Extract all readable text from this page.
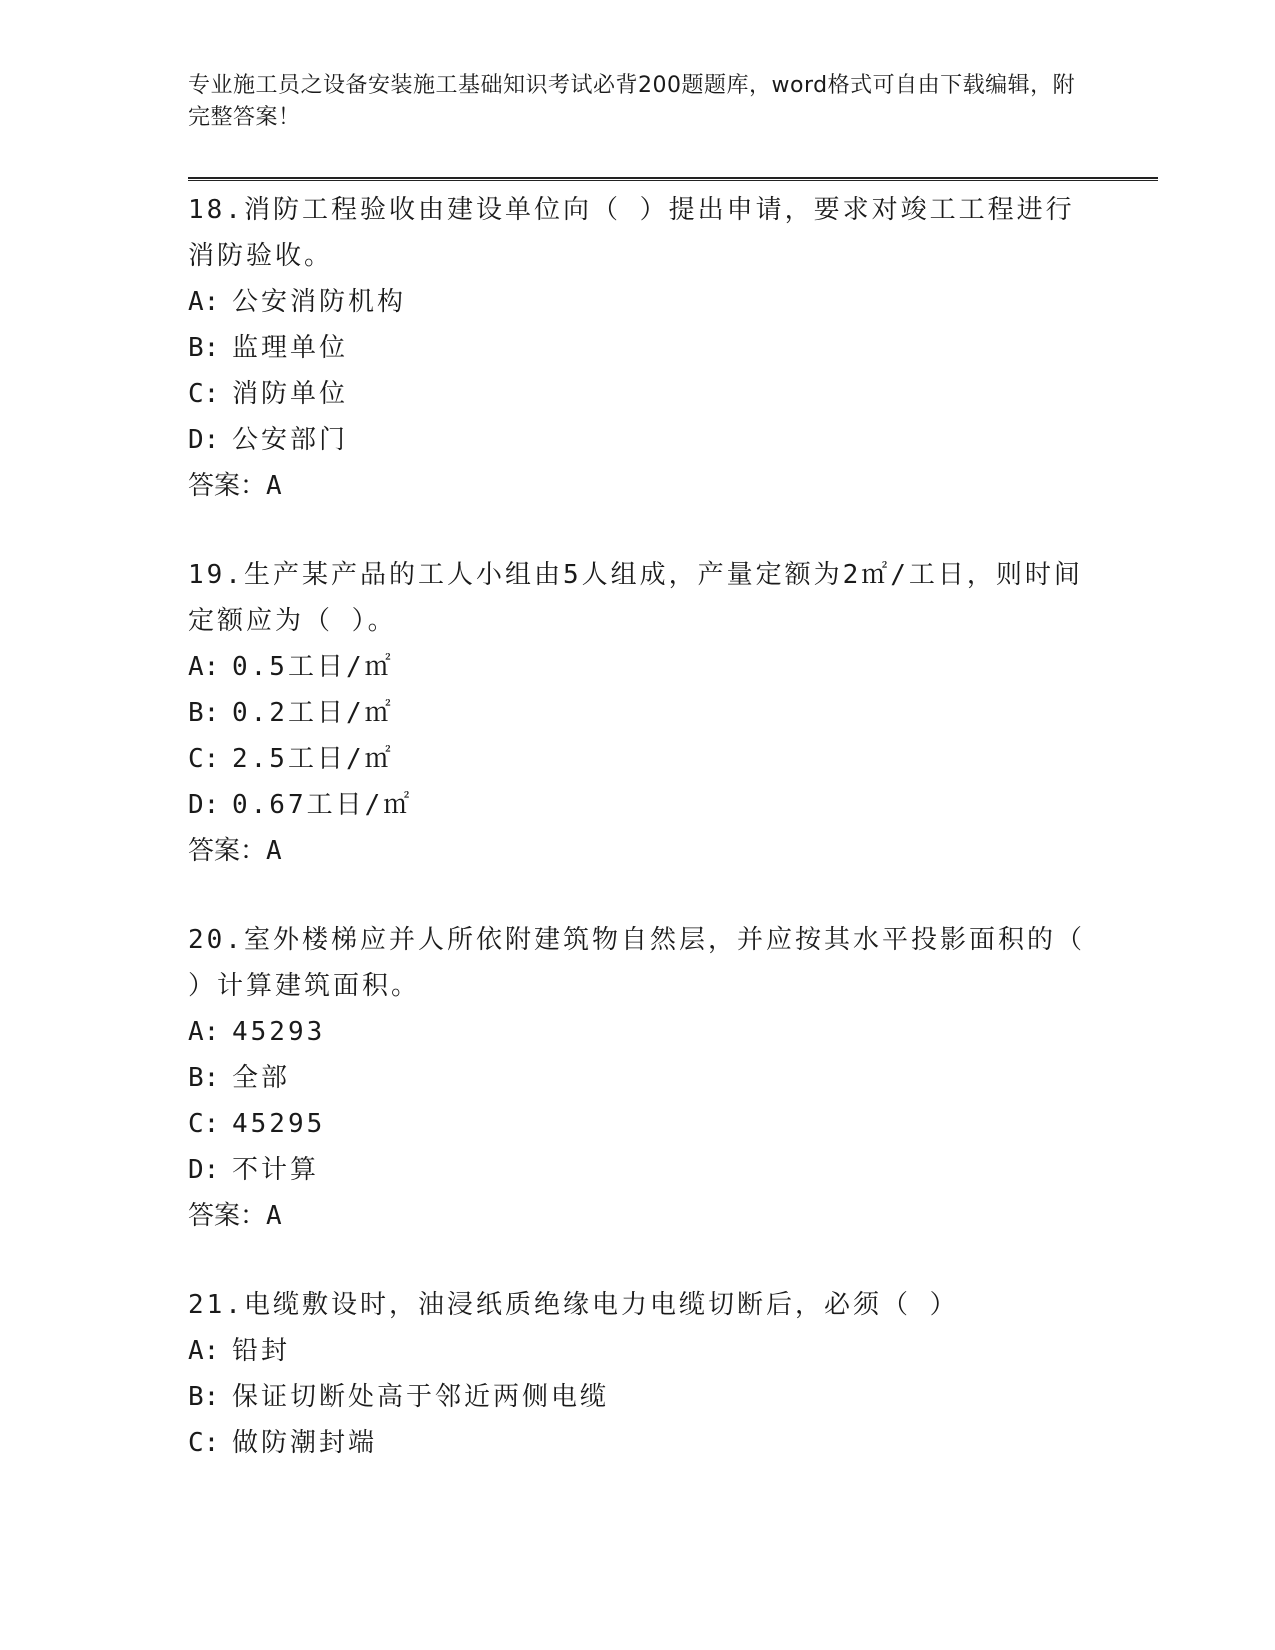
专业施工员之设备安装施工基础知识考试必背200题题库，word格式可自由下载编辑，附完整答案！

18.消防工程验收由建设单位向（ ）提出申请，要求对竣工工程进行消防验收。

A: 公安消防机构
B: 监理单位
C: 消防单位
D: 公安部门

答案：A

19.生产某产品的工人小组由5人组成，产量定额为2㎡/工日，则时间定额应为（ ）。

A: 0.5工日/㎡
B: 0.2工日/㎡
C: 2.5工日/㎡
D: 0.67工日/㎡

答案：A

20.室外楼梯应并人所依附建筑物自然层，并应按其水平投影面积的（ ）计算建筑面积。

A: 45293
B: 全部
C: 45295
D: 不计算

答案：A

21.电缆敷设时，油浸纸质绝缘电力电缆切断后，必须（ ）

A: 铅封
B: 保证切断处高于邻近两侧电缆
C: 做防潮封端
